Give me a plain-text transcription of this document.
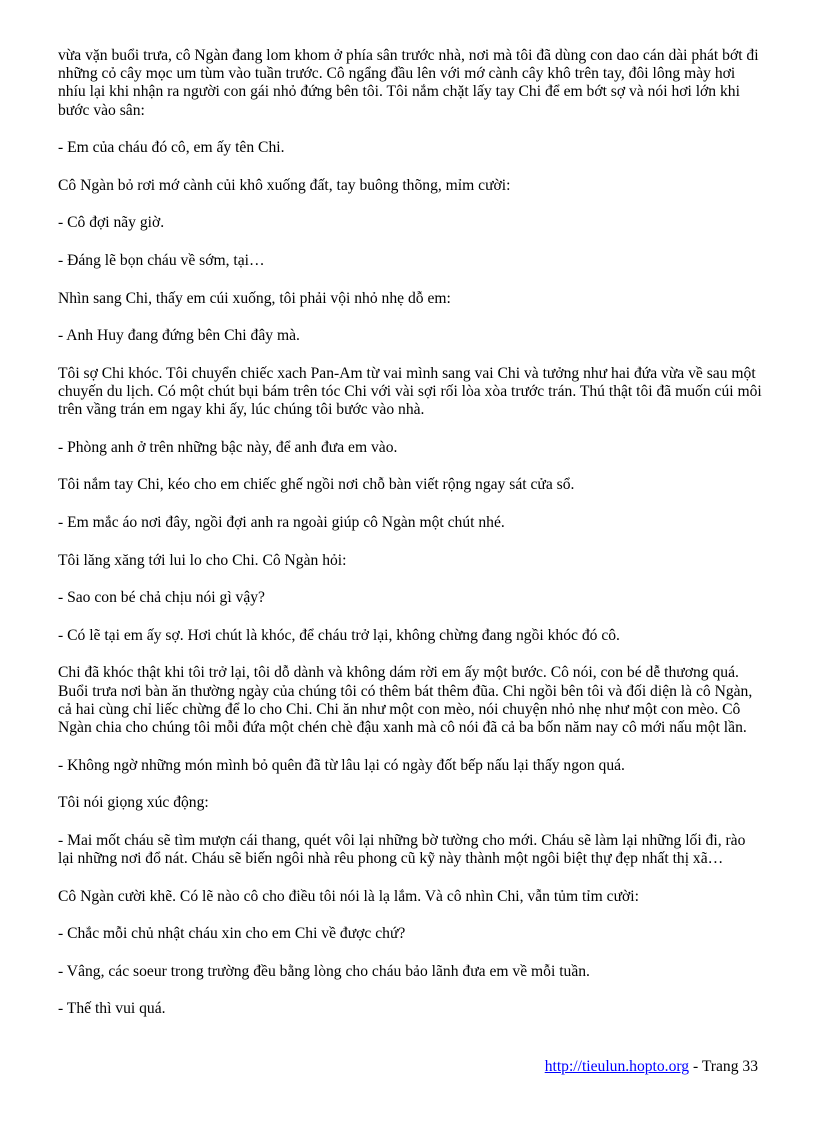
vừa vặn buổi trưa, cô Ngàn đang lom khom ở phía sân trước nhà, nơi mà tôi đã dùng con dao cán dài phát bớt đi những cỏ cây mọc um tùm vào tuần trước. Cô ngẩng đầu lên với mớ cành cây khô trên tay, đôi lông mày hơi nhíu lại khi nhận ra người con gái nhỏ đứng bên tôi. Tôi nắm chặt lấy tay Chi để em bớt sợ và nói hơi lớn khi bước vào sân:

- Em của cháu đó cô, em ấy tên Chi.

Cô Ngàn bỏ rơi mớ cành củi khô xuống đất, tay buông thõng, mỉm cười:

- Cô đợi nãy giờ.

- Đáng lẽ bọn cháu về sớm, tại…

Nhìn sang Chi, thấy em cúi xuống, tôi phải vội nhỏ nhẹ dỗ em:

- Anh Huy đang đứng bên Chi đây mà.

Tôi sợ Chi khóc. Tôi chuyển chiếc xach Pan-Am từ vai mình sang vai Chi và tưởng như hai đứa vừa về sau một chuyến du lịch. Có một chút bụi bám trên tóc Chi với vài sợi rối lòa xòa trước trán. Thú thật tôi đã muốn cúi môi trên vầng trán em ngay khi ấy, lúc chúng tôi bước vào nhà.

- Phòng anh ở trên những bậc này, để anh đưa em vào.

Tôi nắm tay Chi, kéo cho em chiếc ghế ngồi nơi chỗ bàn viết rộng ngay sát cửa sổ.

- Em mắc áo nơi đây, ngồi đợi anh ra ngoài giúp cô Ngàn một chút nhé.

Tôi lăng xăng tới lui lo cho Chi. Cô Ngàn hỏi:

- Sao con bé chả chịu nói gì vậy?

- Có lẽ tại em ấy sợ. Hơi chút là khóc, để cháu trở lại, không chừng đang ngồi khóc đó cô.

Chi đã khóc thật khi tôi trở lại, tôi dỗ dành và không dám rời em ấy một bước. Cô nói, con bé dễ thương quá. Buổi trưa nơi bàn ăn thường ngày của chúng tôi có thêm bát thêm đũa. Chi ngồi bên tôi và đối diện là cô Ngàn, cả hai cùng chỉ liếc chừng để lo cho Chi. Chi ăn như một con mèo, nói chuyện nhỏ nhẹ như một con mèo. Cô Ngàn chia cho chúng tôi mỗi đứa một chén chè đậu xanh mà cô nói đã cả ba bốn năm nay cô mới nấu một lần.

- Không ngờ những món mình bỏ quên đã từ lâu lại có ngày đốt bếp nấu lại thấy ngon quá.

Tôi nói giọng xúc động:

- Mai mốt cháu sẽ tìm mượn cái thang, quét vôi lại những bờ tường cho mới. Cháu sẽ làm lại những lối đi, rào lại những nơi đổ nát. Cháu sẽ biến ngôi nhà rêu phong cũ kỹ này thành một ngôi biệt thự đẹp nhất thị xã…

Cô Ngàn cười khẽ. Có lẽ nào cô cho điều tôi nói là lạ lắm. Và cô nhìn Chi, vẫn tủm tỉm cười:

- Chắc mỗi chủ nhật cháu xin cho em Chi về được chứ?

- Vâng, các soeur trong trường đều bằng lòng cho cháu bảo lãnh đưa em về mỗi tuần.

- Thế thì vui quá.

http://tieulun.hopto.org - Trang 33
